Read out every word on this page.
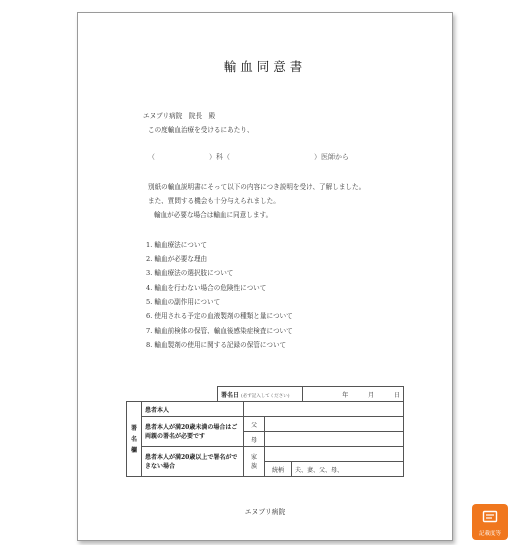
輸血同意書
エヌブリ病院　院長　殿
この度輸血治療を受けるにあたり、
（	）科（	）医師から
別紙の輸血説明書にそって以下の内容につき説明を受け、了解しました。
また、質問する機会も十分与えられました。
輸血が必要な場合は輸血に同意します。
1. 輸血療法について
2. 輸血が必要な理由
3. 輸血療法の選択肢について
4. 輸血を行わない場合の危険性について
5. 輸血の副作用について
6. 使用される予定の血液製剤の種類と量について
7. 輸血前検体の保管、輸血後感染症検査について
8. 輸血製剤の使用に関する記録の保管について
署名日 (必ず記入してください)	年	月	日
署名欄	患者本人			
	患者本人が満20歳未満の場合はご両親の署名が必要です	父		
		母		
	患者本人が満20歳以上で署名ができない場合	家族		
			続柄	夫、妻、父、母、
エヌブリ病院
記載度等
